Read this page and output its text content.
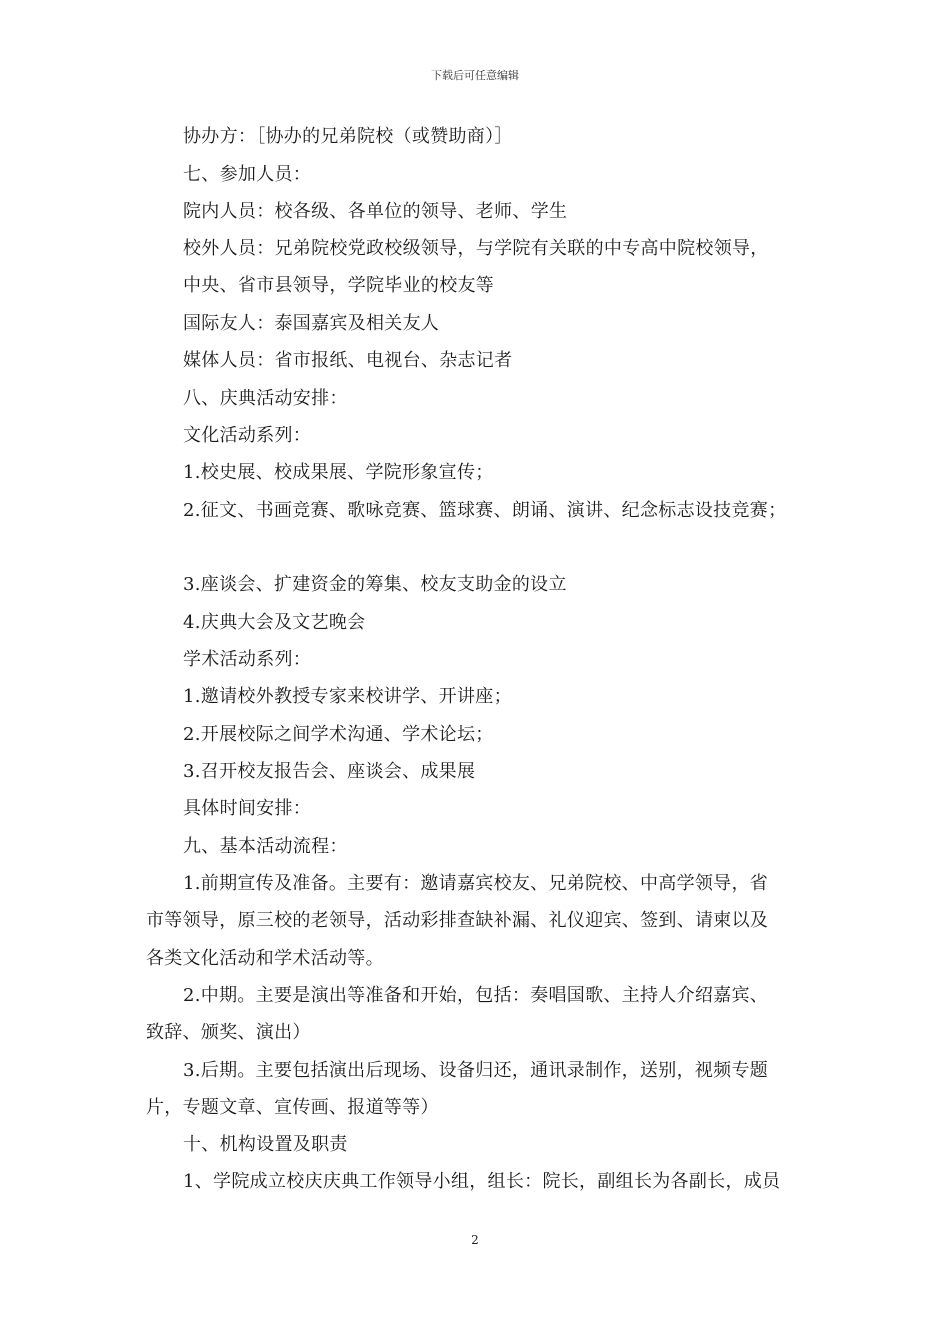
下载后可任意编辑
协办方：［协办的兄弟院校（或赞助商）］
七、参加人员：
院内人员：校各级、各单位的领导、老师、学生
校外人员：兄弟院校党政校级领导，与学院有关联的中专高中院校领导，
中央、省市县领导，学院毕业的校友等
国际友人：泰国嘉宾及相关友人
媒体人员：省市报纸、电视台、杂志记者
八、庆典活动安排：
文化活动系列：
1.校史展、校成果展、学院形象宣传；
2.征文、书画竞赛、歌咏竞赛、篮球赛、朗诵、演讲、纪念标志设技竞赛；
3.座谈会、扩建资金的筹集、校友支助金的设立
4.庆典大会及文艺晚会
学术活动系列：
1.邀请校外教授专家来校讲学、开讲座；
2.开展校际之间学术沟通、学术论坛；
3.召开校友报告会、座谈会、成果展
具体时间安排：
九、基本活动流程：
1.前期宣传及准备。主要有：邀请嘉宾校友、兄弟院校、中高学领导，省
市等领导，原三校的老领导，活动彩排查缺补漏、礼仪迎宾、签到、请柬以及
各类文化活动和学术活动等。
2.中期。主要是演出等准备和开始，包括：奏唱国歌、主持人介绍嘉宾、
致辞、颁奖、演出）
3.后期。主要包括演出后现场、设备归还，通讯录制作，送别，视频专题
片，专题文章、宣传画、报道等等）
十、机构设置及职责
1、学院成立校庆庆典工作领导小组，组长：院长，副组长为各副长，成员
2
